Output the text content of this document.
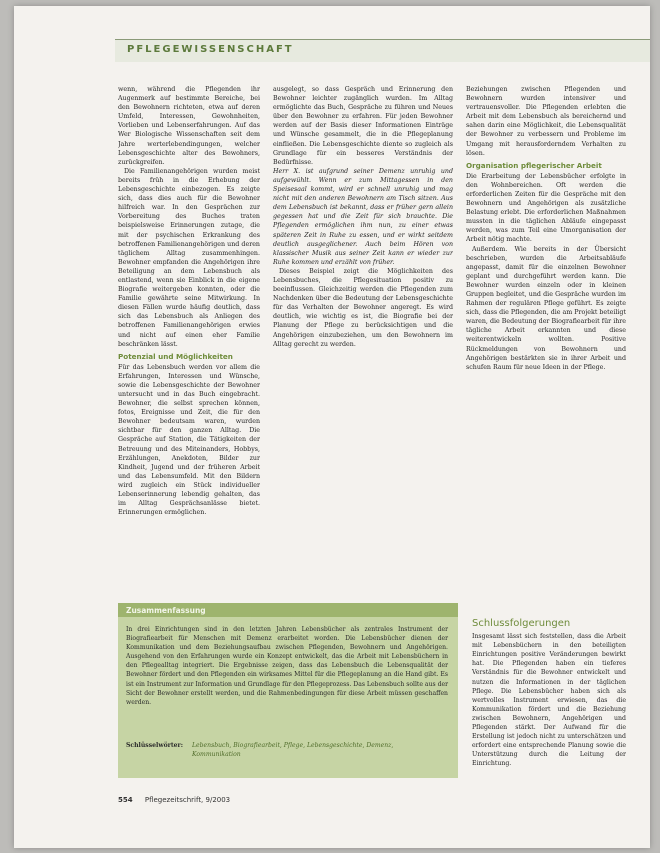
PFLEGEWISSENSCHAFT

wenn, während die Pflegenden ihr Augenmerk auf bestimmte Bereiche, bei den Bewohnern richteten, etwa auf deren Umfeld, Interessen, Gewohnheiten, Vorlieben und Lebenserfahrungen. Auf das Wer Biologische Wissenschaften seit dem Jahre werterlebendingungen, welcher Lebensgeschichte alter des Bewohners, zurückgreifen.

Die Familienangehörigen wurden meist bereits früh in die Erhebung der Lebensgeschichte einbezogen. Es zeigte sich, dass dies auch für die Bewohner hilfreich war. In den Gesprächen zur Vorbereitung des Buches traten beispielsweise Erinnerungen zutage, die mit der psychischen Erkrankung des betroffenen Familienangehörigen und deren täglichem Alltag zusammenhingen. Bewohner empfanden die Angehörigen ihre Beteiligung an dem Lebensbuch als entlastend, wenn sie Einblick in die eigene Biografie weitergeben konnten, oder die Familie gewährte seine Mitwirkung. In diesen Fällen wurde häufig deutlich, dass sich das Lebensbuch als Anliegen des betroffenen Familienangehörigen erwies und nicht auf einen eher Familie beschränken lässt.

Potenzial und Möglichkeiten

Für das Lebensbuch werden vor allem die Erfahrungen, Interessen und Wünsche, sowie die Lebensgeschichte der Bewohner untersucht und in das Buch eingebracht. Bewohner, die selbst sprechen können, fotos, Ereignisse und Zeit, die für den Bewohner bedeutsam waren, wurden sichtbar für den ganzen Alltag. Die Gespräche auf Station, die Tätigkeiten der Betreuung und des Miteinanders, Hobbys, Erzählungen, Anekdoten, Bilder zur Kindheit, Jugend und der früheren Arbeit und das Lebensumfeld. Mit den Bildern wird zugleich ein Stück individueller Lebenserinnerung lebendig gehalten, das im Alltag Gesprächsanlässe bietet. Erinnerungen ermöglichen.

ausgelegt, so dass Gespräch und Erinnerung den Bewohner leichter zugänglich wurden. Im Alltag ermöglichte das Buch, Gespräche zu führen und Neues über den Bewohner zu erfahren. Für jeden Bewohner werden auf der Basis dieser Informationen Einträge und Wünsche gesammelt, die in die Pflegeplanung einfließen. Die Lebensgeschichte diente so zugleich als Grundlage für ein besseres Verständnis der Bedürfnisse.

Herr X. ist aufgrund seiner Demenz unruhig und aufgewühlt. Wenn er zum Mittagessen in den Speisesaal kommt, wird er schnell unruhig und mag nicht mit den anderen Bewohnern am Tisch sitzen. Aus dem Lebensbuch ist bekannt, dass er früher gern allein gegessen hat und die Zeit für sich brauchte. Die Pflegenden ermöglichen ihm nun, zu einer etwas späteren Zeit in Ruhe zu essen, und er wirkt seitdem deutlich ausgeglichener. Auch beim Hören von klassischer Musik aus seiner Zeit kann er wieder zur Ruhe kommen und erzählt von früher.

Dieses Beispiel zeigt die Möglichkeiten des Lebensbuches, die Pflegesituation positiv zu beeinflussen. Gleichzeitig werden die Pflegenden zum Nachdenken über die Bedeutung der Lebensgeschichte für das Verhalten der Bewohner angeregt. Es wird deutlich, wie wichtig es ist, die Biografie bei der Planung der Pflege zu berücksichtigen und die Angehörigen einzubeziehen, um den Bewohnern im Alltag gerecht zu werden.

Beziehungen zwischen Pflegenden und Bewohnern wurden intensiver und vertrauensvoller. Die Pflegenden erlebten die Arbeit mit dem Lebensbuch als bereichernd und sahen darin eine Möglichkeit, die Lebensqualität der Bewohner zu verbessern und Probleme im Umgang mit herausforderndem Verhalten zu lösen.

Organisation pflegerischer Arbeit

Die Erarbeitung der Lebensbücher erfolgte in den Wohnbereichen. Oft werden die erforderlichen Zeiten für die Gespräche mit den Bewohnern und Angehörigen als zusätzliche Belastung erlebt. Die erforderlichen Maßnahmen mussten in die täglichen Abläufe eingepasst werden, was zum Teil eine Umorganisation der Arbeit nötig machte.

Außerdem. Wie bereits in der Übersicht beschrieben, wurden die Arbeitsabläufe angepasst, damit für die einzelnen Bewohner geplant und durchgeführt werden kann. Die Bewohner wurden einzeln oder in kleinen Gruppen begleitet, und die Gespräche wurden im Rahmen der regulären Pflege geführt. Es zeigte sich, dass die Pflegenden, die am Projekt beteiligt waren, die Bedeutung der Biografiearbeit für ihre tägliche Arbeit erkannten und diese weiterentwickeln wollten. Positive Rückmeldungen von Bewohnern und Angehörigen bestärkten sie in ihrer Arbeit und schufen Raum für neue Ideen in der Pflege.

Zusammenfassung

In drei Einrichtungen sind in den letzten Jahren Lebensbücher als zentrales Instrument der Biografiearbeit für Menschen mit Demenz erarbeitet worden. Die Lebensbücher dienen der Kommunikation und dem Beziehungsaufbau zwischen Pflegenden, Bewohnern und Angehörigen. Ausgehend von den Erfahrungen wurde ein Konzept entwickelt, das die Arbeit mit Lebensbüchern in den Pflegealltag integriert. Die Ergebnisse zeigen, dass das Lebensbuch die Lebensqualität der Bewohner fördert und den Pflegenden ein wirksames Mittel für die Pflegeplanung an die Hand gibt. Es ist ein Instrument zur Information und Grundlage für den Pflegeprozess. Das Lebensbuch sollte aus der Sicht der Bewohner erstellt werden, und die Rahmenbedingungen für diese Arbeit müssen geschaffen werden.

Schlüsselwörter: Lebensbuch, Biografiearbeit, Pflege, Lebensgeschichte, Demenz, Kommunikation
Schlussfolgerungen

Insgesamt lässt sich feststellen, dass die Arbeit mit Lebensbüchern in den beteiligten Einrichtungen positive Veränderungen bewirkt hat. Die Pflegenden haben ein tieferes Verständnis für die Bewohner entwickelt und nutzen die Informationen in der täglichen Pflege. Die Lebensbücher haben sich als wertvolles Instrument erwiesen, das die Kommunikation fördert und die Beziehung zwischen Bewohnern, Angehörigen und Pflegenden stärkt. Der Aufwand für die Erstellung ist jedoch nicht zu unterschätzen und erfordert eine entsprechende Planung sowie die Unterstützung durch die Leitung der Einrichtung.

554 Pflegezeitschrift, 9/2003
